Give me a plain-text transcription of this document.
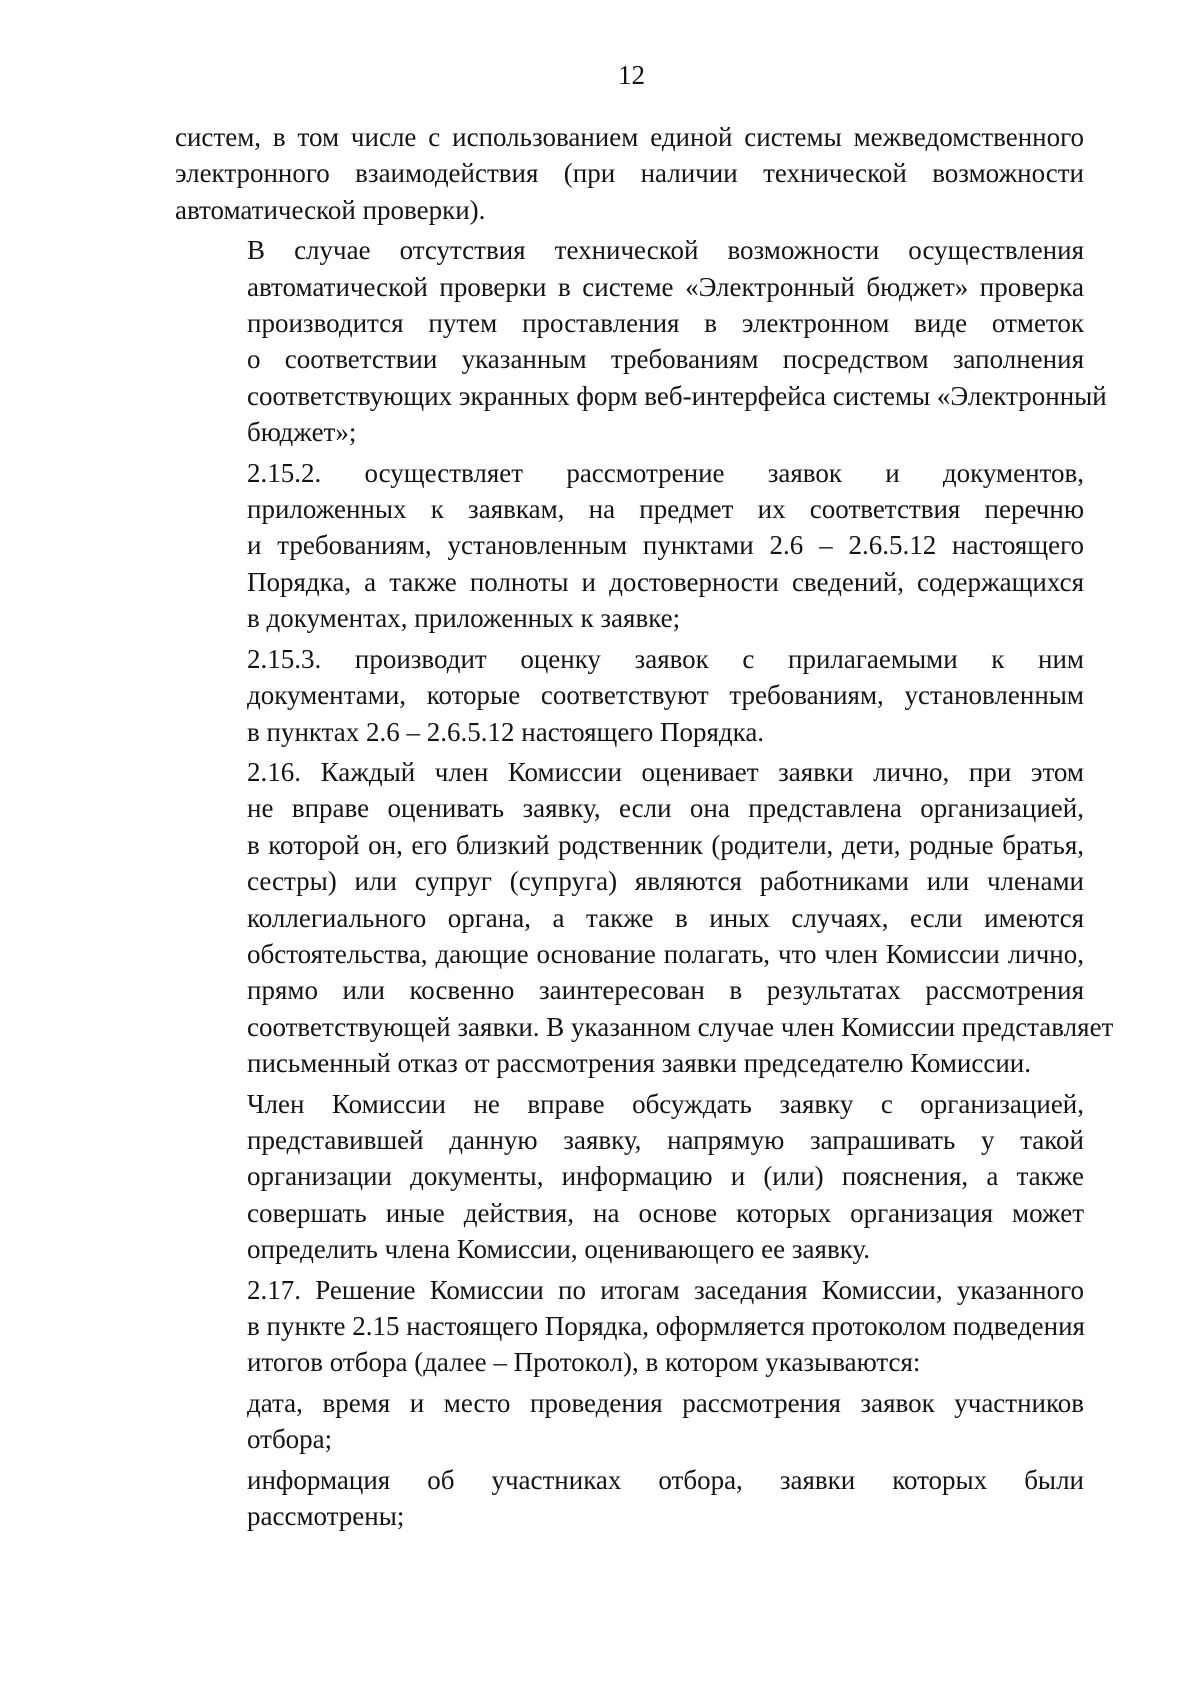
12

систем, в том числе с использованием единой системы межведомственного
электронного взаимодействия (при наличии технической возможности
автоматической проверки).

В случае отсутствия технической возможности осуществления
автоматической проверки в системе «Электронный бюджет» проверка
производится путем проставления в электронном виде отметок
о соответствии указанным требованиям посредством заполнения
соответствующих экранных форм веб-интерфейса системы «Электронный
бюджет»;

2.15.2. осуществляет рассмотрение заявок и документов,
приложенных к заявкам, на предмет их соответствия перечню
и требованиям, установленным пунктами 2.6 – 2.6.5.12 настоящего
Порядка, а также полноты и достоверности сведений, содержащихся
в документах, приложенных к заявке;

2.15.3. производит оценку заявок с прилагаемыми к ним
документами, которые соответствуют требованиям, установленным
в пунктах 2.6 – 2.6.5.12 настоящего Порядка.

2.16. Каждый член Комиссии оценивает заявки лично, при этом
не вправе оценивать заявку, если она представлена организацией,
в которой он, его близкий родственник (родители, дети, родные братья,
сестры) или супруг (супруга) являются работниками или членами
коллегиального органа, а также в иных случаях, если имеются
обстоятельства, дающие основание полагать, что член Комиссии лично,
прямо или косвенно заинтересован в результатах рассмотрения
соответствующей заявки. В указанном случае член Комиссии представляет
письменный отказ от рассмотрения заявки председателю Комиссии.

Член Комиссии не вправе обсуждать заявку с организацией,
представившей данную заявку, напрямую запрашивать у такой
организации документы, информацию и (или) пояснения, а также
совершать иные действия, на основе которых организация может
определить члена Комиссии, оценивающего ее заявку.

2.17. Решение Комиссии по итогам заседания Комиссии, указанного
в пункте 2.15 настоящего Порядка, оформляется протоколом подведения
итогов отбора (далее – Протокол), в котором указываются:

дата, время и место проведения рассмотрения заявок участников
отбора;

информация об участниках отбора, заявки которых были
рассмотрены;
